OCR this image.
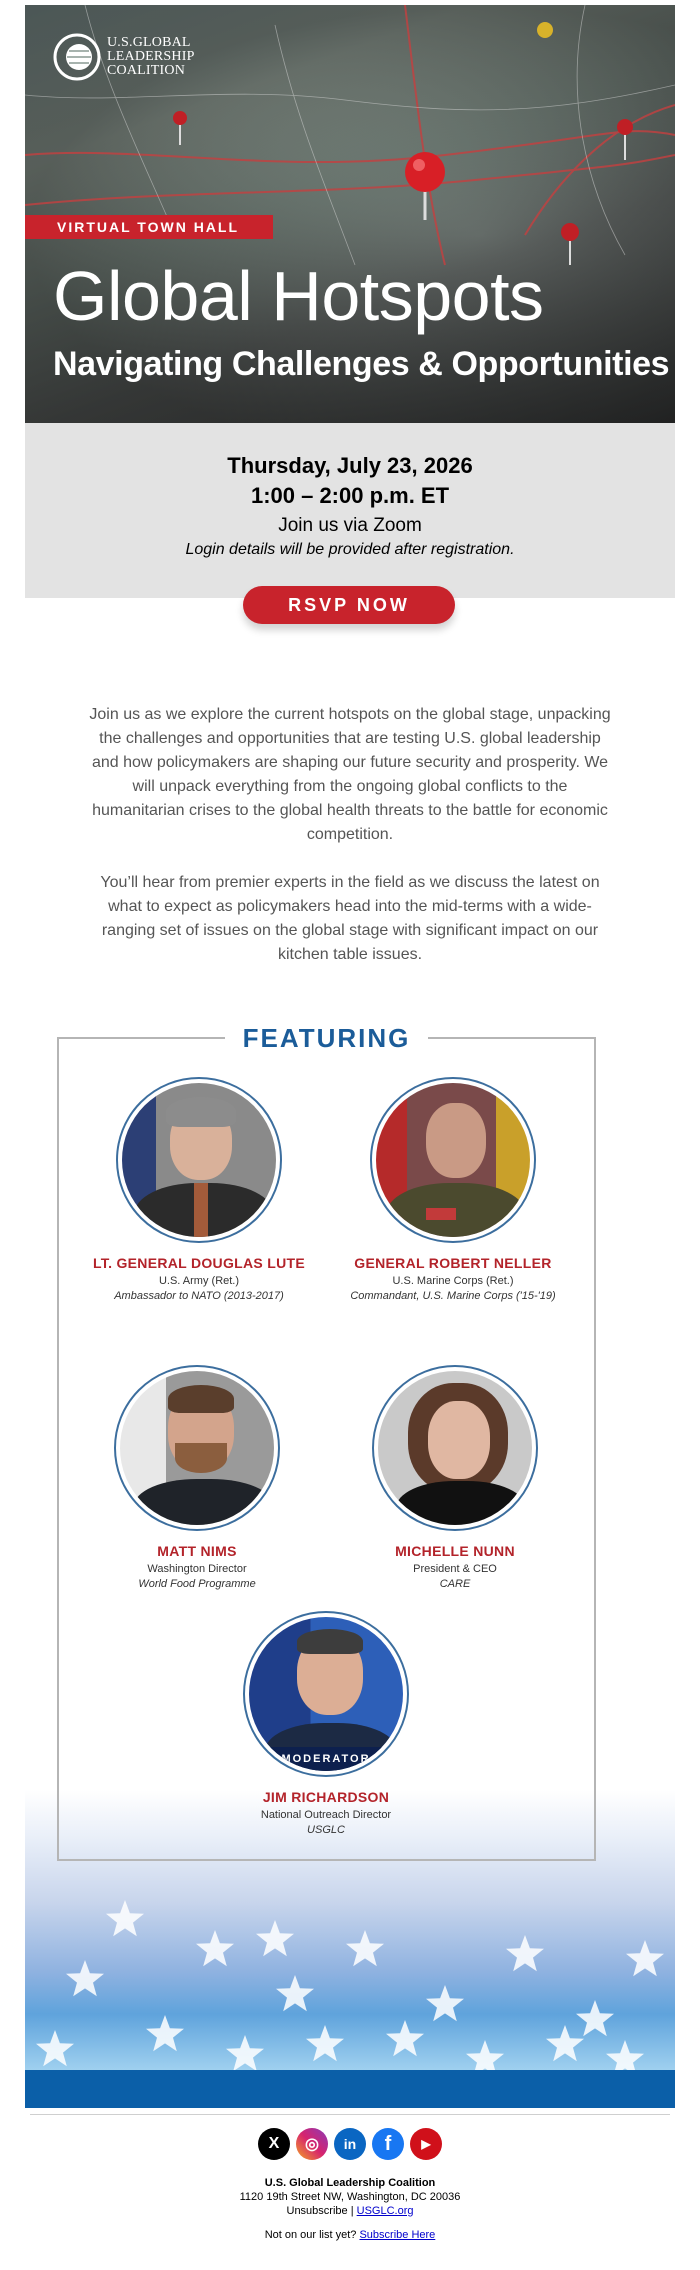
U.S.GLOBAL
LEADERSHIP
COALITION
VIRTUAL TOWN HALL
Global Hotspots
Navigating Challenges & Opportunities
Thursday, July 23, 2026
1:00 – 2:00 p.m. ET
Join us via Zoom
Login details will be provided after registration.
RSVP NOW

Join us as we explore the current hotspots on the global stage, unpacking the challenges and opportunities that are testing U.S. global leadership and how policymakers are shaping our future security and prosperity. We will unpack everything from the ongoing global conflicts to the humanitarian crises to the global health threats to the battle for economic competition.

You’ll hear from premier experts in the field as we discuss the latest on what to expect as policymakers head into the mid-terms with a wide-ranging set of issues on the global stage with significant impact on our kitchen table issues.

FEATURING
LT. GENERAL DOUGLAS LUTE
U.S. Army (Ret.)
Ambassador to NATO (2013-2017)
GENERAL ROBERT NELLER
U.S. Marine Corps (Ret.)
Commandant, U.S. Marine Corps ('15-'19)
MATT NIMS
Washington Director
World Food Programme
MICHELLE NUNN
President & CEO
CARE
MODERATOR
JIM RICHARDSON
National Outreach Director
USGLC
X ◎ in f	▶
U.S. Global Leadership Coalition
1120 19th Street NW, Washington, DC 20036
Unsubscribe | USGLC.org
Not on our list yet? Subscribe Here
